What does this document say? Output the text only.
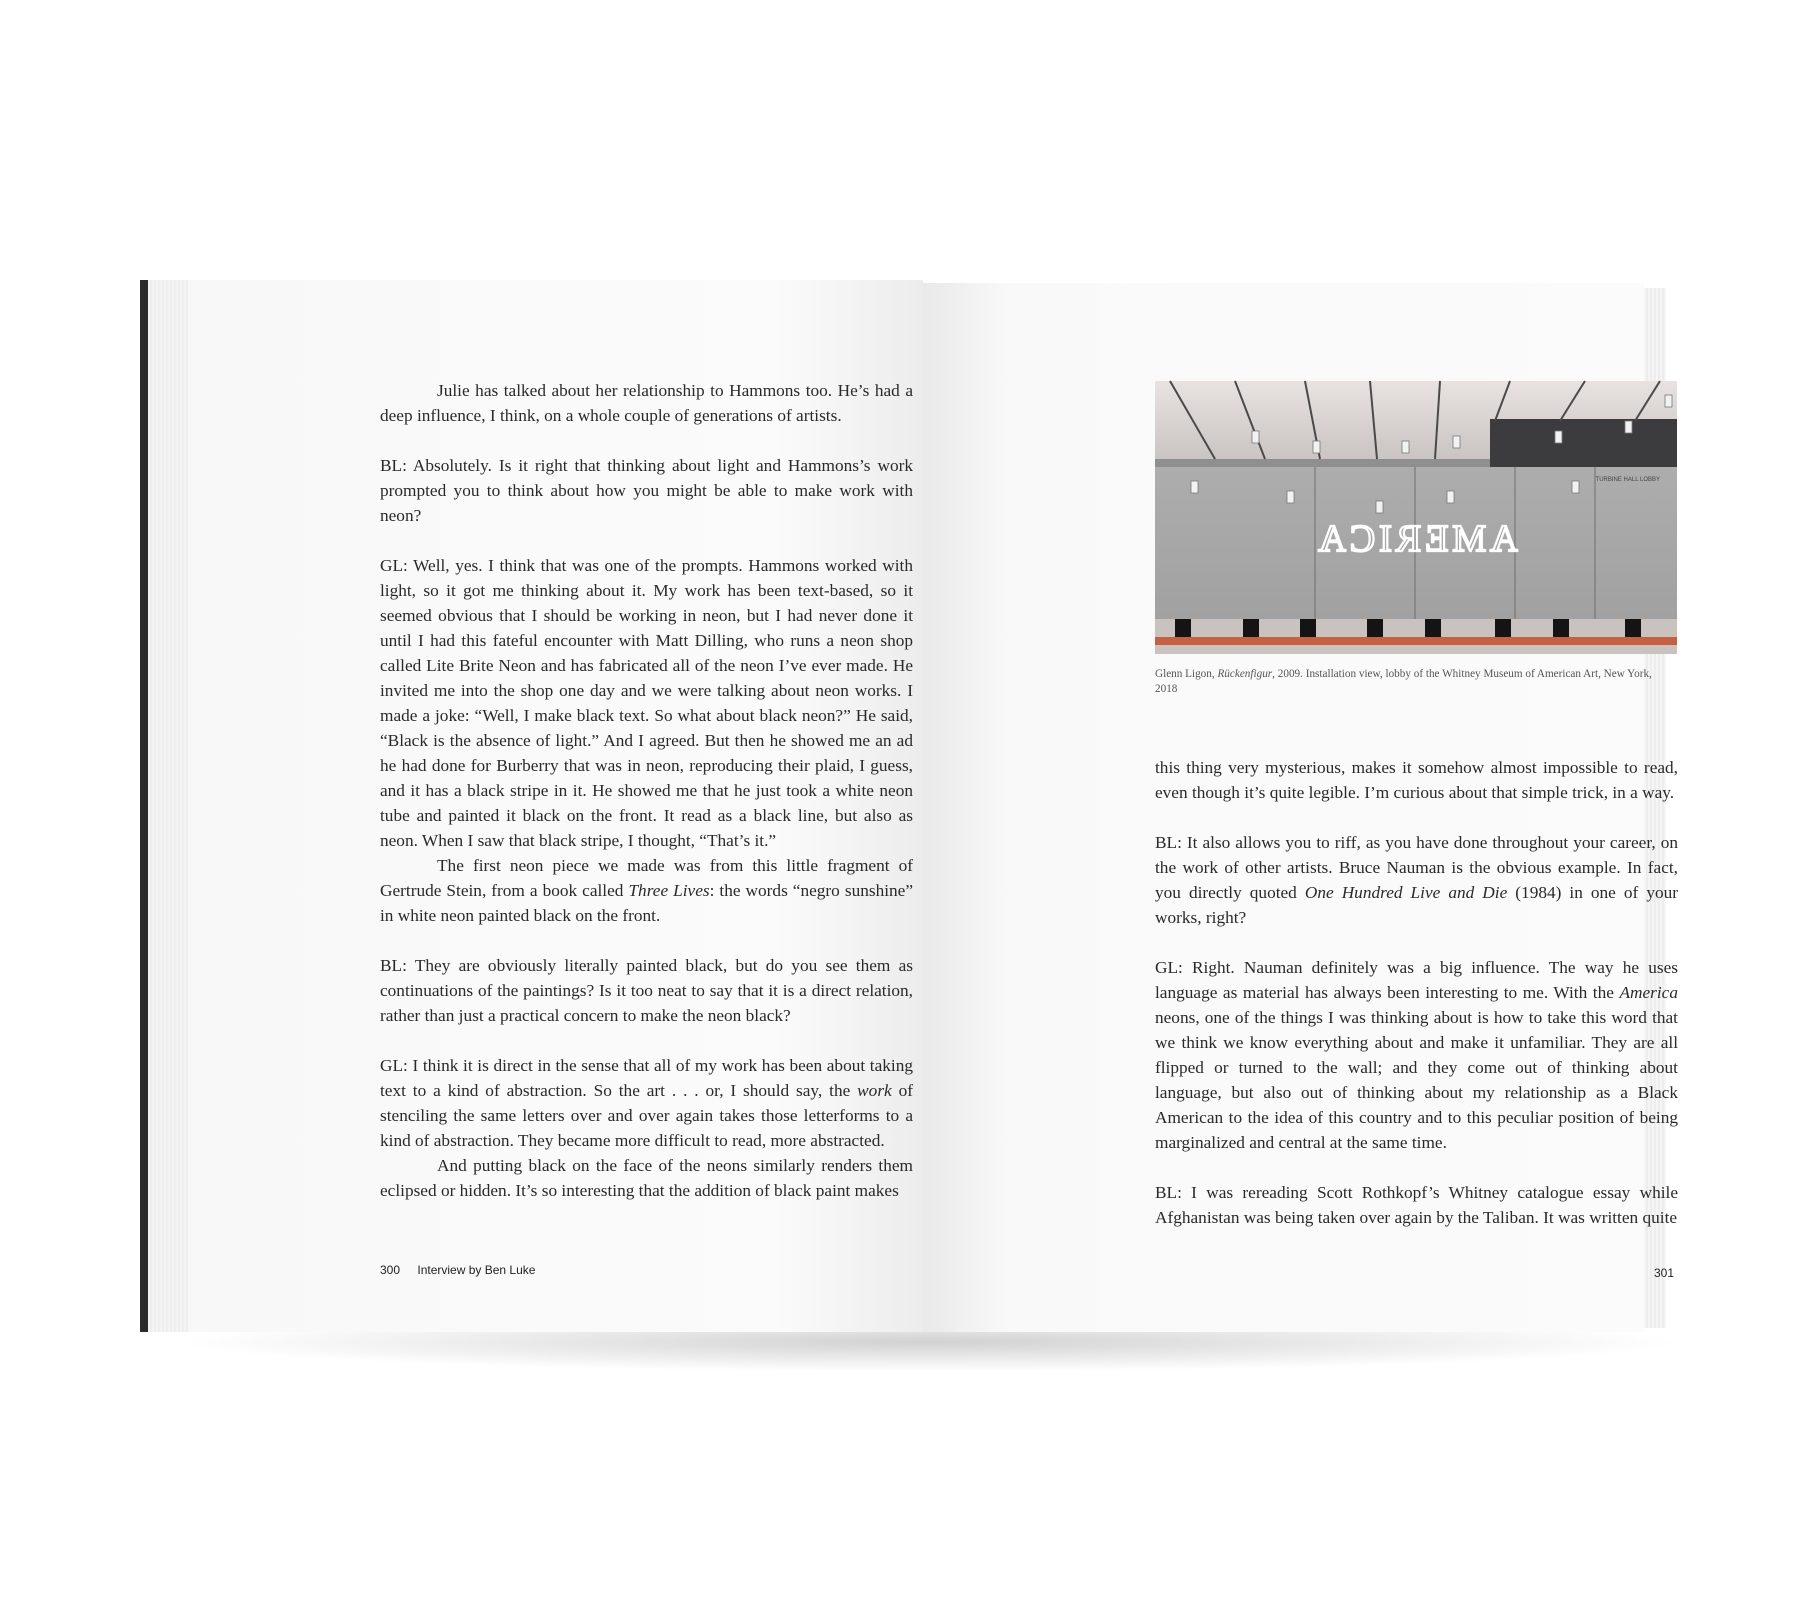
Julie has talked about her relationship to Hammons too. He’s had a deep influence, I think, on a whole couple of generations of artists.

BL: Absolutely. Is it right that thinking about light and Hammons’s work prompted you to think about how you might be able to make work with neon?

GL: Well, yes. I think that was one of the prompts. Hammons worked with light, so it got me thinking about it. My work has been text-based, so it seemed obvious that I should be working in neon, but I had never done it until I had this fateful encounter with Matt Dilling, who runs a neon shop called Lite Brite Neon and has fabricated all of the neon I’ve ever made. He invited me into the shop one day and we were talking about neon works. I made a joke: “Well, I make black text. So what about black neon?” He said, “Black is the absence of light.” And I agreed. But then he showed me an ad he had done for Burberry that was in neon, reproducing their plaid, I guess, and it has a black stripe in it. He showed me that he just took a white neon tube and painted it black on the front. It read as a black line, but also as neon. When I saw that black stripe, I thought, “That’s it.”

The first neon piece we made was from this little fragment of Gertrude Stein, from a book called Three Lives: the words “negro sunshine” in white neon painted black on the front.

BL: They are obviously literally painted black, but do you see them as continuations of the paintings? Is it too neat to say that it is a direct relation, rather than just a practical concern to make the neon black?

GL: I think it is direct in the sense that all of my work has been about taking text to a kind of abstraction. So the art . . . or, I should say, the work of stenciling the same letters over and over again takes those letterforms to a kind of abstraction. They became more difficult to read, more abstracted.

And putting black on the face of the neons similarly renders them eclipsed or hidden. It’s so interesting that the addition of black paint makes

300 Interview by Ben Luke
TURBINE HALL LOBBY
AMERICA
Glenn Ligon, Rückenfigur, 2009. Installation view, lobby of the Whitney Museum of American Art, New York, 2018

this thing very mysterious, makes it somehow almost impossible to read, even though it’s quite legible. I’m curious about that simple trick, in a way.

BL: It also allows you to riff, as you have done throughout your career, on the work of other artists. Bruce Nauman is the obvious example. In fact, you directly quoted One Hundred Live and Die (1984) in one of your works, right?

GL: Right. Nauman definitely was a big influence. The way he uses language as material has always been interesting to me. With the America neons, one of the things I was thinking about is how to take this word that we think we know everything about and make it unfamiliar. They are all flipped or turned to the wall; and they come out of thinking about language, but also out of thinking about my relationship as a Black American to the idea of this country and to this peculiar position of being marginalized and central at the same time.

BL: I was rereading Scott Rothkopf’s Whitney catalogue essay while Afghanistan was being taken over again by the Taliban. It was written quite

301
